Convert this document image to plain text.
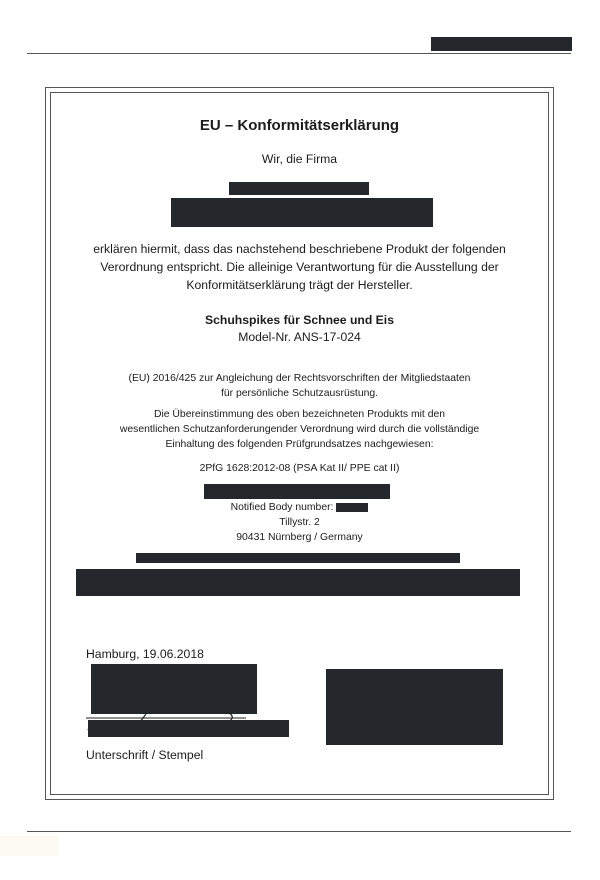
EU – Konformitätserklärung
Wir, die Firma
erklären hiermit, dass das nachstehend beschriebene Produkt der folgenden
Verordnung entspricht. Die alleinige Verantwortung für die Ausstellung der
Konformitätserklärung trägt der Hersteller.
Schuhspikes für Schnee und Eis
Model-Nr. ANS-17-024
(EU) 2016/425 zur Angleichung der Rechtsvorschriften der Mitgliedstaaten
für persönliche Schutzausrüstung.
Die Übereinstimmung des oben bezeichneten Produkts mit den
wesentlichen Schutzanforderungender Verordnung wird durch die vollständige
Einhaltung des folgenden Prüfgrundsatzes nachgewiesen:
2PfG 1628:2012-08 (PSA Kat II/ PPE cat II)
Notified Body number:
Tillystr. 2
90431 Nürnberg / Germany
Hamburg, 19.06.2018
Unterschrift / Stempel
